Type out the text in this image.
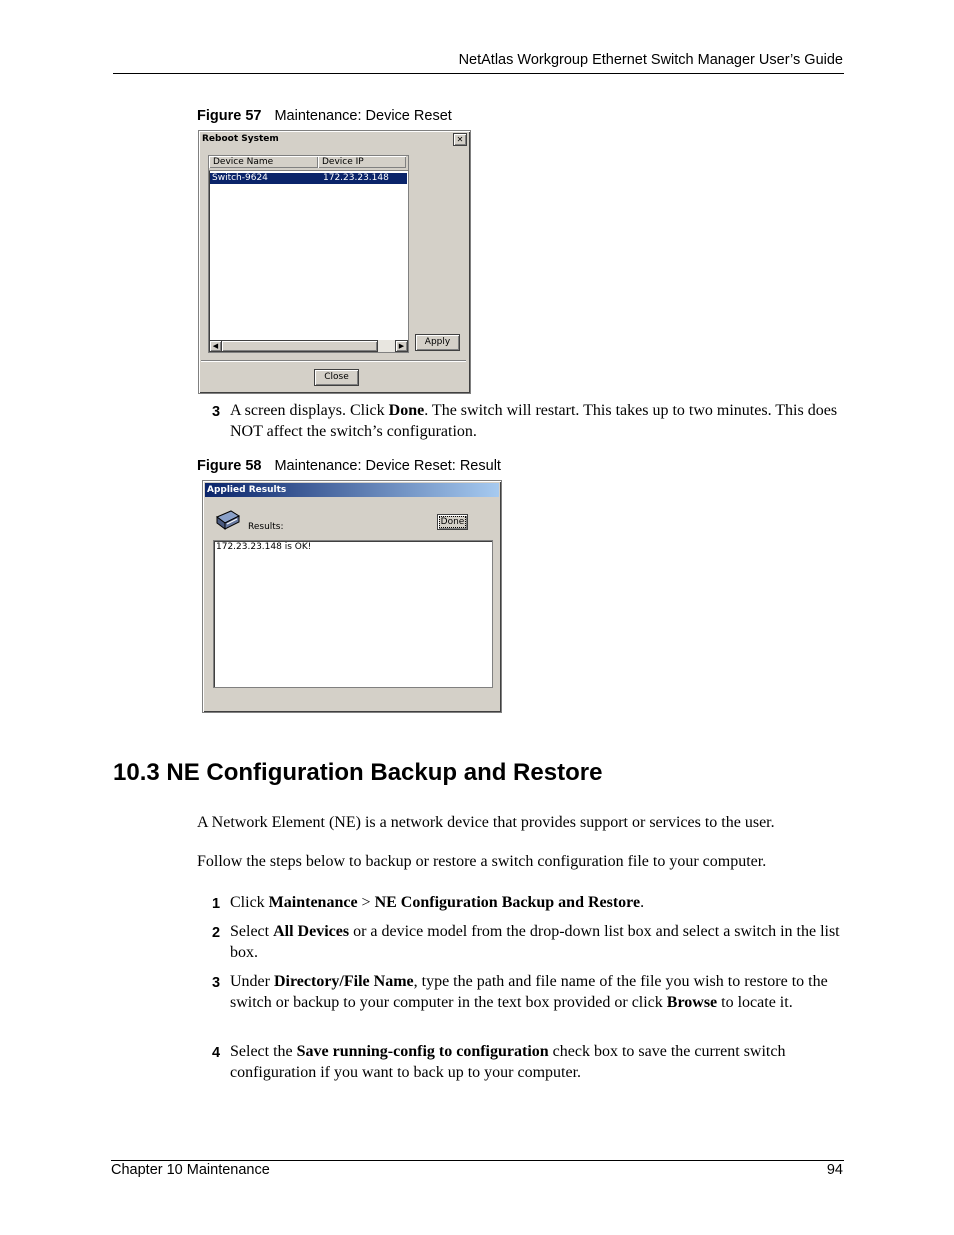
NetAtlas Workgroup Ethernet Switch Manager User’s Guide
Figure 57 Maintenance: Device Reset
Reboot System	✕
Device Name	Device IP
Switch-9624	172.23.23.148
◀	▶	Apply
Close
3 A screen displays. Click Done. The switch will restart. This takes up to two minutes. This does NOT affect the switch’s configuration.
Figure 58 Maintenance: Device Reset: Result
Applied Results
Results:	Done
172.23.23.148 is OK!
10.3 NE Configuration Backup and Restore
A Network Element (NE) is a network device that provides support or services to the user.
Follow the steps below to backup or restore a switch configuration file to your computer.
1 Click Maintenance > NE Configuration Backup and Restore.
2 Select All Devices or a device model from the drop-down list box and select a switch in the list box.
3 Under Directory/File Name, type the path and file name of the file you wish to restore to the switch or backup to your computer in the text box provided or click Browse to locate it.
4 Select the Save running-config to configuration check box to save the current switch configuration if you want to back up to your computer.
Chapter 10 Maintenance	94
